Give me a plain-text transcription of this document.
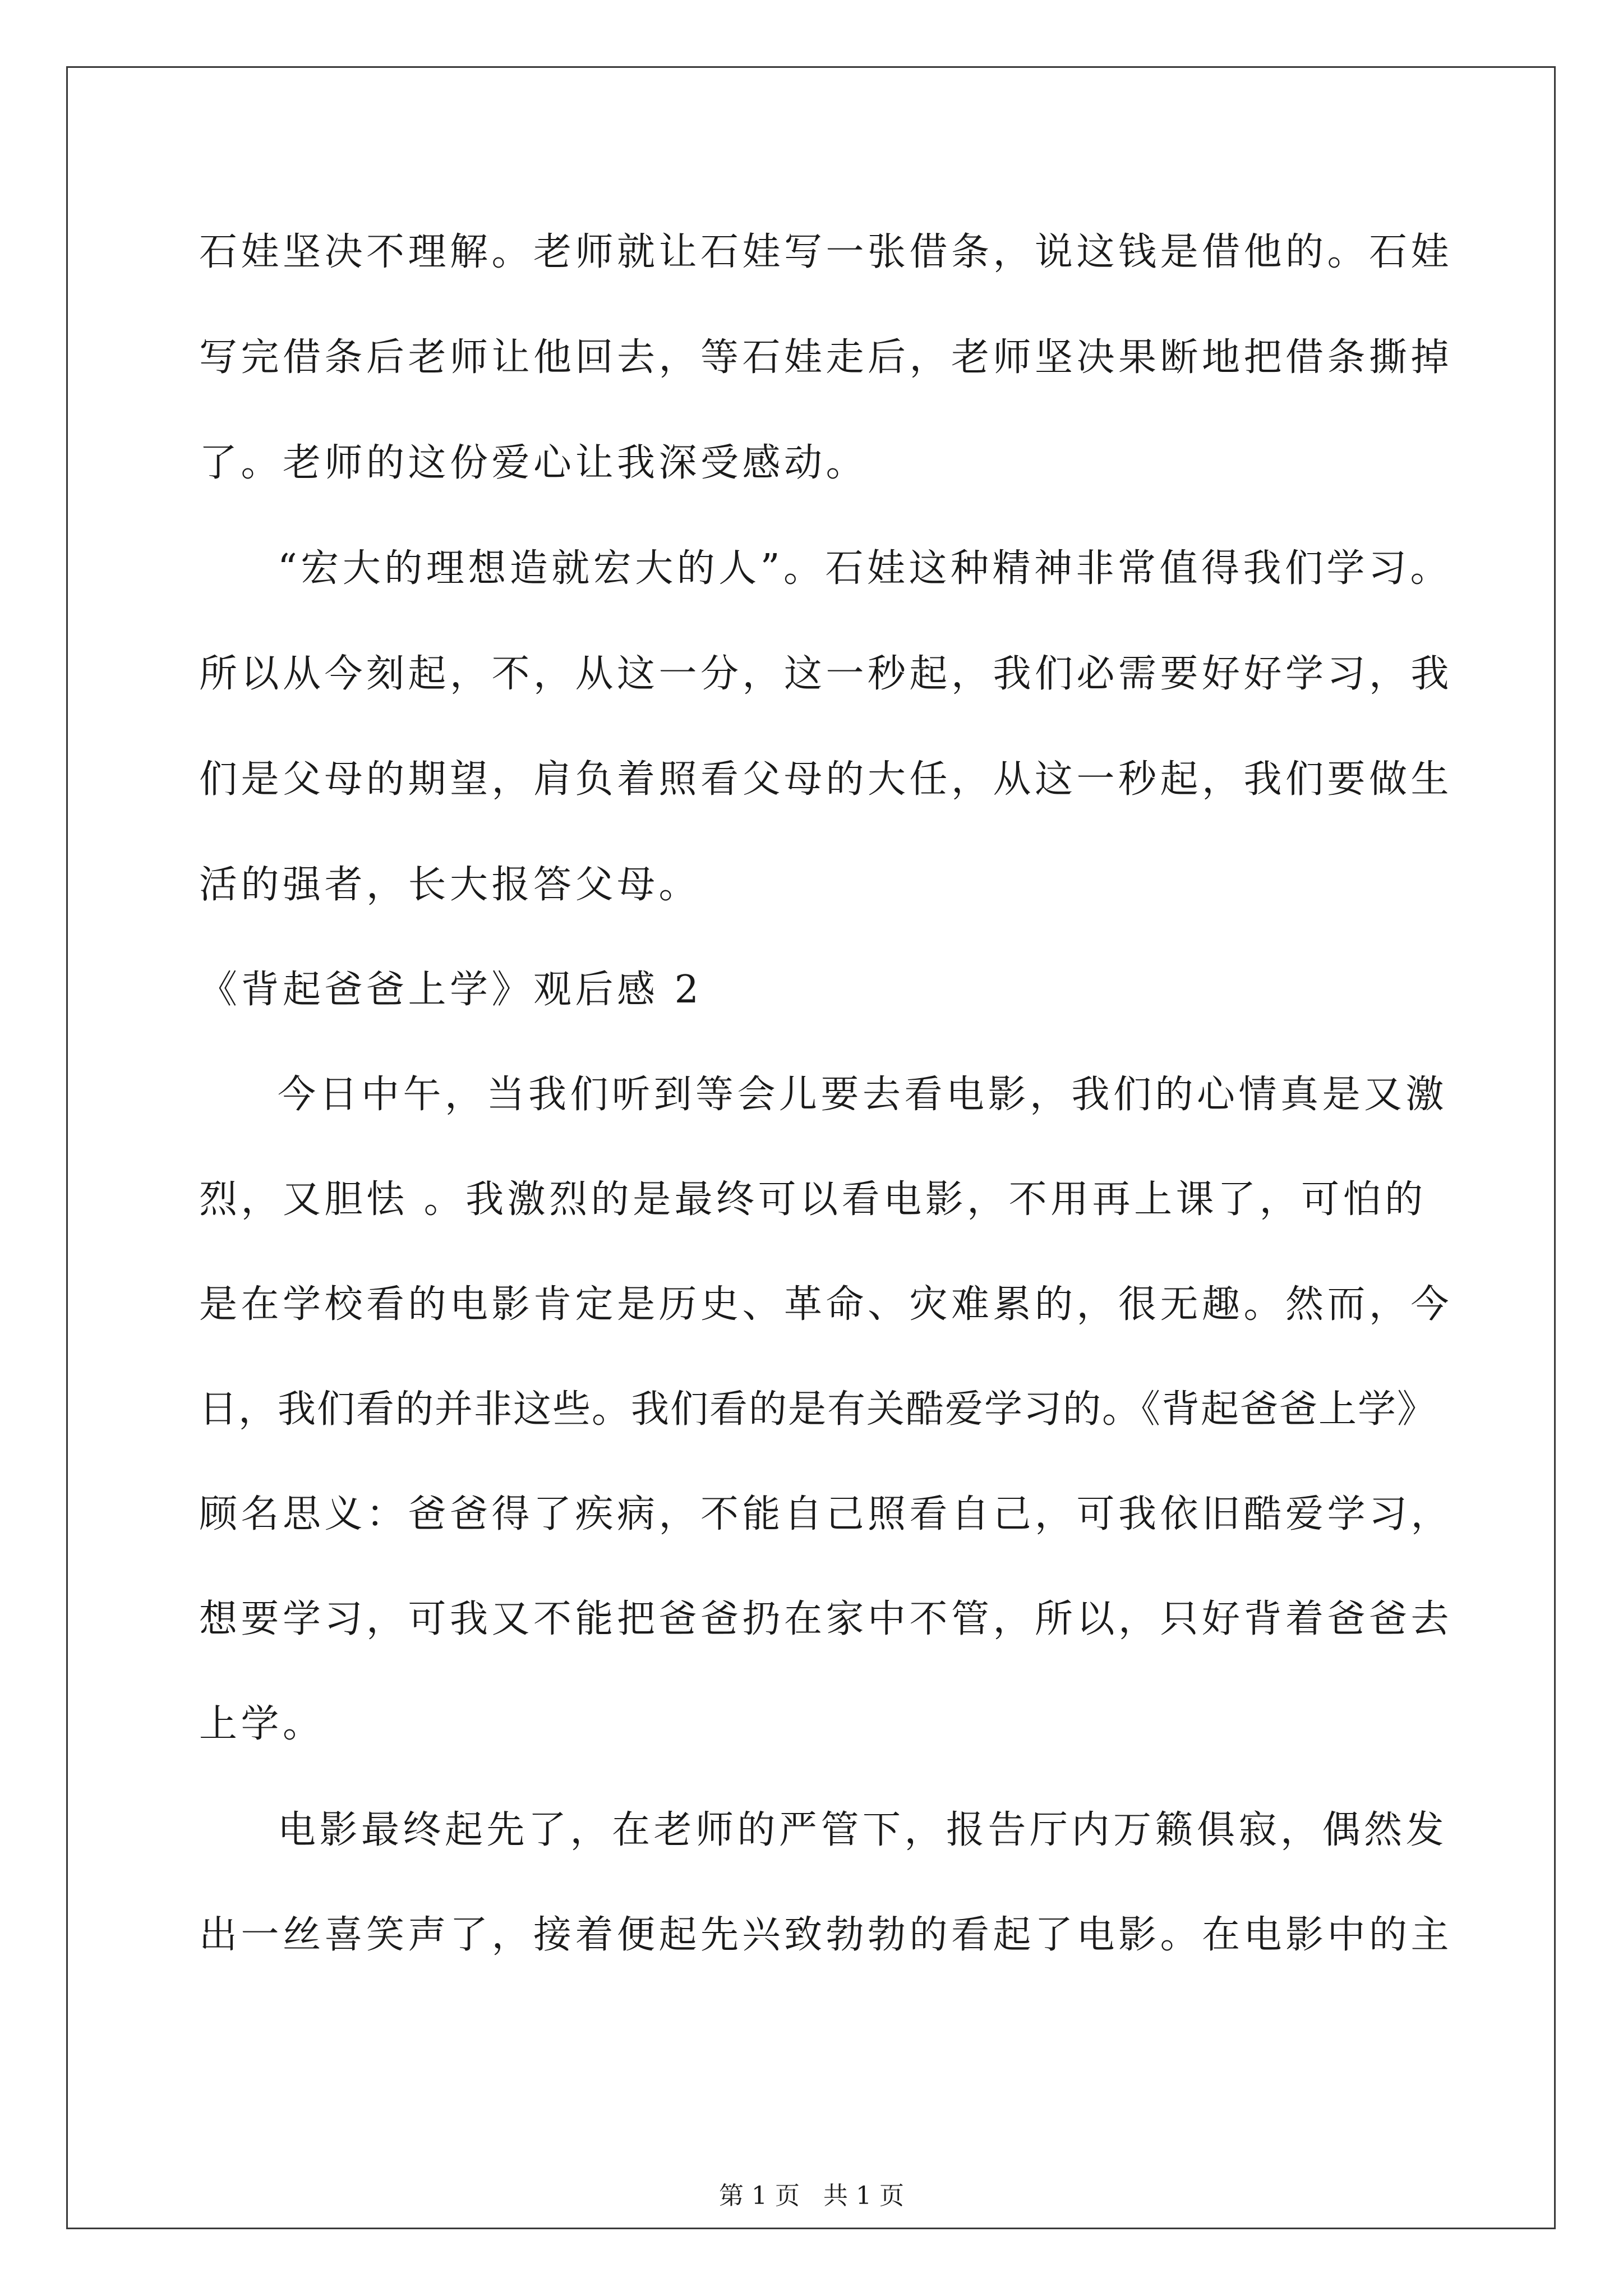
石娃坚决不理解。老师就让石娃写一张借条，说这钱是借他的。石娃
写完借条后老师让他回去，等石娃走后，老师坚决果断地把借条撕掉
了。老师的这份爱心让我深受感动。
“宏大的理想造就宏大的人”。石娃这种精神非常值得我们学习。
所以从今刻起，不，从这一分，这一秒起，我们必需要好好学习，我
们是父母的期望，肩负着照看父母的大任，从这一秒起，我们要做生
活的强者，长大报答父母。
《背起爸爸上学》观后感 2
今日中午，当我们听到等会儿要去看电影，我们的心情真是又激
烈，又胆怯 。我激烈的是最终可以看电影，不用再上课了，可怕的
是在学校看的电影肯定是历史、革命、灾难累的，很无趣。然而，今
日，我们看的并非这些。我们看的是有关酷爱学习的。《背起爸爸上学》
顾名思义：爸爸得了疾病，不能自己照看自己，可我依旧酷爱学习，
想要学习，可我又不能把爸爸扔在家中不管，所以，只好背着爸爸去
上学。
电影最终起先了，在老师的严管下，报告厅内万籁俱寂，偶然发
出一丝喜笑声了，接着便起先兴致勃勃的看起了电影。在电影中的主
第 1 页   共 1 页
